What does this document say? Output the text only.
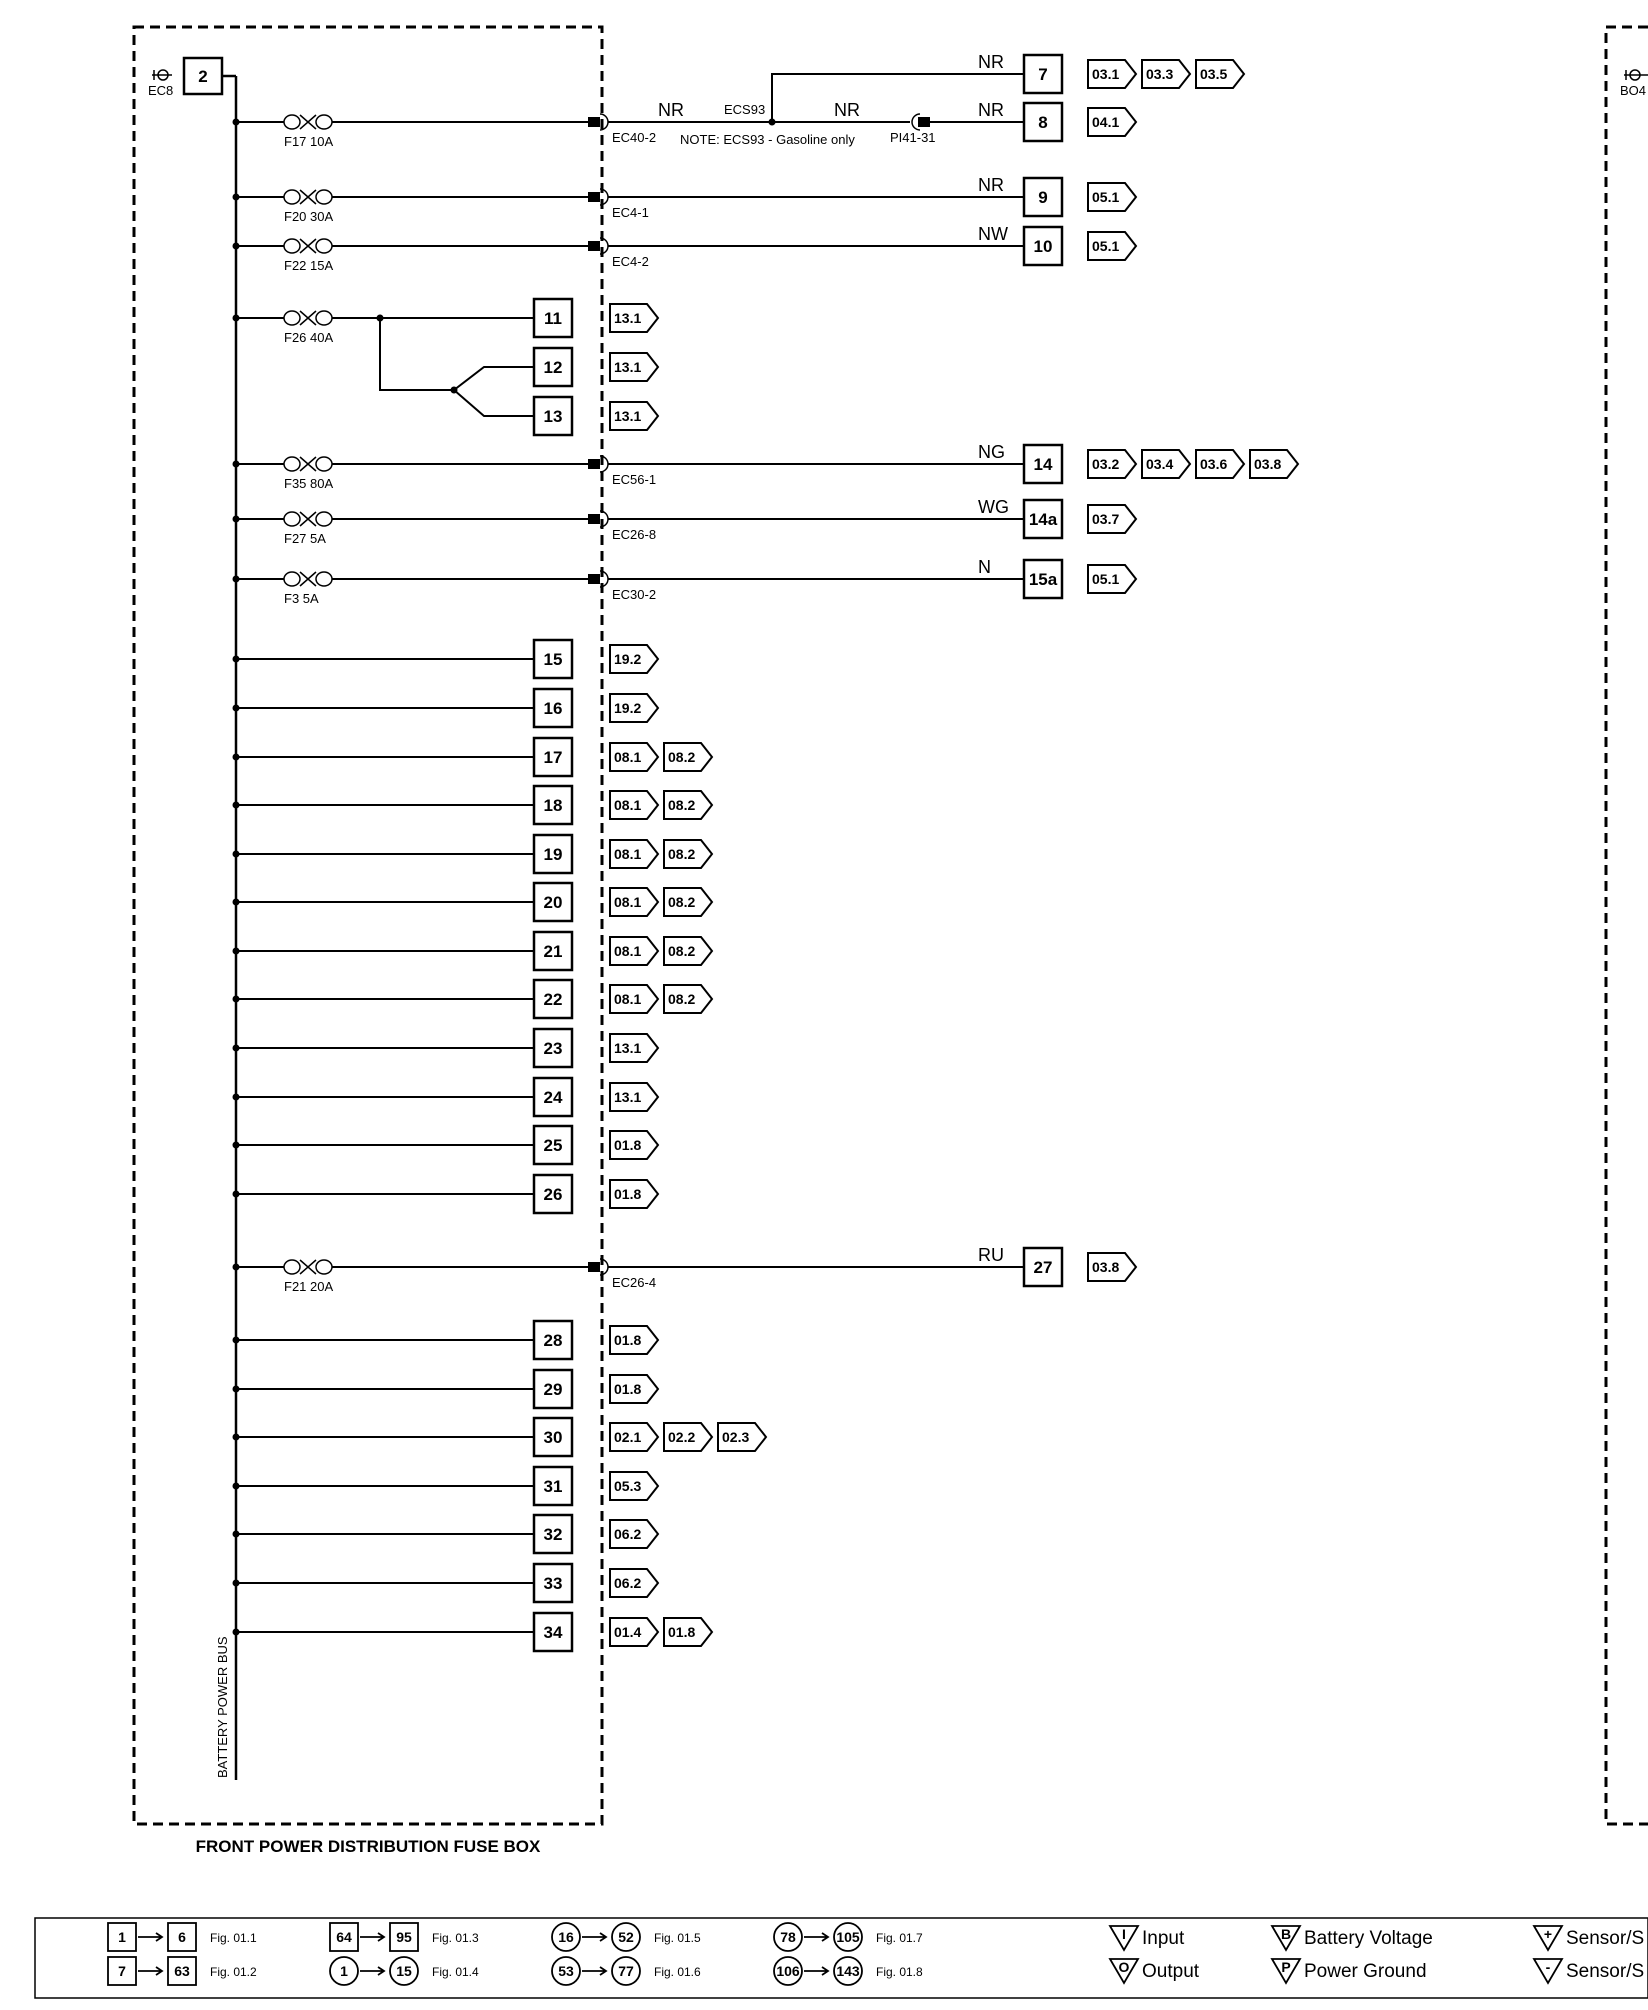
BATTERY POWER BUS
EC8
2
BO4
FRONT POWER DISTRIBUTION FUSE BOX
NOTE: ECS93 - Gasoline only
NR
7	03.1 03.3 03.5
F17 10A	EC40-2
NR	ECS93	NR
PI41-31
NR
8	04.1
F20 30A	EC4-1
NR
9	05.1
F22 15A	EC4-2
NW
10	05.1
F26 40A
11	13.1
12	13.1
13	13.1
F35 80A	EC56-1
NG
14	03.2 03.4 03.6 03.8
F27 5A	EC26-8
WG
14a 03.7
F3 5A	EC30-2
N
15a 05.1
15	19.2
16	19.2
17	08.1 08.2
18	08.1 08.2
19	08.1 08.2
20	08.1 08.2
21	08.1 08.2
22	08.1 08.2
23	13.1
24	13.1
25	01.8
26	01.8
F21 20A	EC26-4
RU
27	03.8
28	01.8
29	01.8
30	02.1 02.2 02.3
31	05.3
32	06.2
33	06.2
34	01.4 01.8
1	6 Fig. 01.1
7	63 Fig. 01.2
64	95 Fig. 01.3
1	15 Fig. 01.4
16	52 Fig. 01.5
53	77 Fig. 01.6
78	105 Fig. 01.7
106	143 Fig. 01.8
I Input
O Output
B Battery Voltage
P Power Ground
+ Sensor/S
- Sensor/S
